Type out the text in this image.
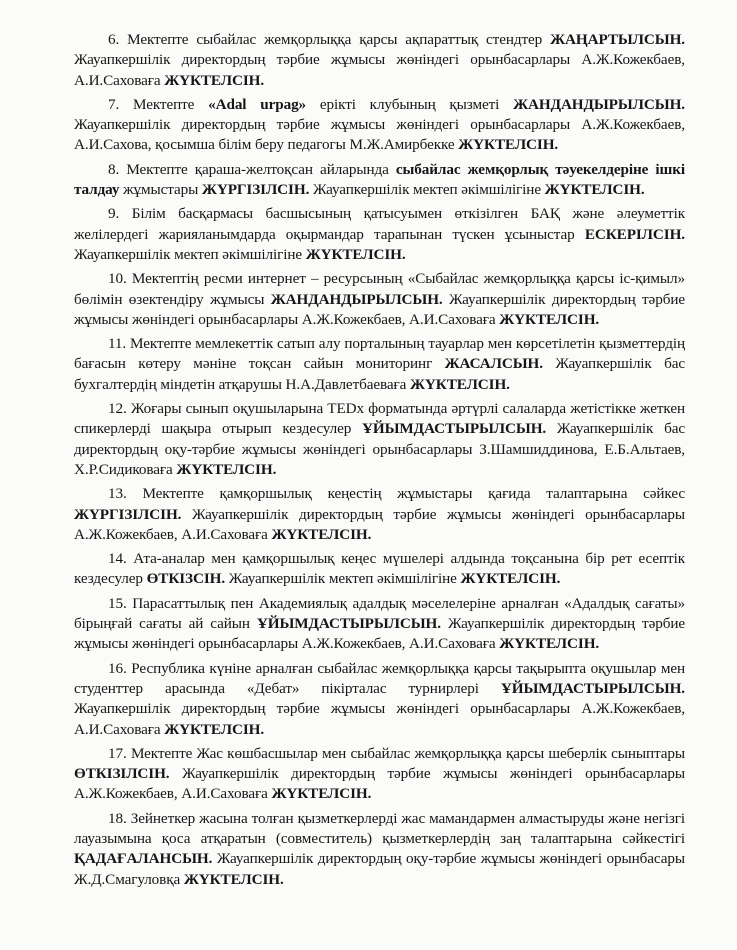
6. Мектепте сыбайлас жемқорлыққа қарсы ақпараттық стендтер ЖАҢАРТЫЛСЫН. Жауапкершілік директордың тәрбие жұмысы жөніндегі орынбасарлары А.Ж.Кожекбаев, А.И.Саховаға ЖҮКТЕЛСІН.

7. Мектепте «Adal urpag» ерікті клубының қызметі ЖАНДАНДЫРЫЛСЫН. Жауапкершілік директордың тәрбие жұмысы жөніндегі орынбасарлары А.Ж.Кожекбаев, А.И.Сахова, қосымша білім беру педагогы М.Ж.Амирбекке ЖҮКТЕЛСІН.

8. Мектепте қараша-желтоқсан айларында сыбайлас жемқорлық тәуекелдеріне ішкі талдау жұмыстары ЖҮРГІЗІЛСІН. Жауапкершілік мектеп әкімшілігіне ЖҮКТЕЛСІН.

9. Білім басқармасы басшысының қатысуымен өткізілген БАҚ және әлеуметтік желілердегі жарияланымдарда оқырмандар тарапынан түскен ұсыныстар ЕСКЕРІЛСІН. Жауапкершілік мектеп әкімшілігіне ЖҮКТЕЛСІН.

10. Мектептің ресми интернет – ресурсының «Сыбайлас жемқорлыққа қарсы іс-қимыл» бөлімін өзектендіру жұмысы ЖАНДАНДЫРЫЛСЫН. Жауапкершілік директордың тәрбие жұмысы жөніндегі орынбасарлары А.Ж.Кожекбаев, А.И.Саховаға ЖҮКТЕЛСІН.

11. Мектепте мемлекеттік сатып алу порталының тауарлар мен көрсетілетін қызметтердің бағасын көтеру мәніне тоқсан сайын мониторинг ЖАСАЛСЫН. Жауапкершілік бас бухгалтердің міндетін атқарушы Н.А.Давлетбаеваға ЖҮКТЕЛСІН.

12. Жоғары сынып оқушыларына TEDx форматында әртүрлі салаларда жетістікке жеткен спикерлерді шақыра отырып кездесулер ҰЙЫМДАСТЫРЫЛСЫН. Жауапкершілік бас директордың оқу-тәрбие жұмысы жөніндегі орынбасарлары З.Шамшиддинова, Е.Б.Альтаев, Х.Р.Сидиковаға ЖҮКТЕЛСІН.

13. Мектепте қамқоршылық кеңестің жұмыстары қағида талаптарына сәйкес ЖҮРГІЗІЛСІН. Жауапкершілік директордың тәрбие жұмысы жөніндегі орынбасарлары А.Ж.Кожекбаев, А.И.Саховаға ЖҮКТЕЛСІН.

14. Ата-аналар мен қамқоршылық кеңес мүшелері алдында тоқсанына бір рет есептік кездесулер ӨТКІЗСІН. Жауапкершілік мектеп әкімшілігіне ЖҮКТЕЛСІН.

15. Парасаттылық пен Академиялық адалдық мәселелеріне арналған «Адалдық сағаты» бірыңғай сағаты ай сайын ҰЙЫМДАСТЫРЫЛСЫН. Жауапкершілік директордың тәрбие жұмысы жөніндегі орынбасарлары А.Ж.Кожекбаев, А.И.Саховаға ЖҮКТЕЛСІН.

16. Республика күніне арналған сыбайлас жемқорлыққа қарсы тақырыпта оқушылар мен студенттер арасында «Дебат» пікірталас турнирлері ҰЙЫМДАСТЫРЫЛСЫН. Жауапкершілік директордың тәрбие жұмысы жөніндегі орынбасарлары А.Ж.Кожекбаев, А.И.Саховаға ЖҮКТЕЛСІН.

17. Мектепте Жас көшбасшылар мен сыбайлас жемқорлыққа қарсы шеберлік сыныптары ӨТКІЗІЛСІН. Жауапкершілік директордың тәрбие жұмысы жөніндегі орынбасарлары А.Ж.Кожекбаев, А.И.Саховаға ЖҮКТЕЛСІН.

18. Зейнеткер жасына толған қызметкерлерді жас мамандармен алмастыруды және негізгі лауазымына қоса атқаратын (совместитель) қызметкерлердің заң талаптарына сәйкестігі ҚАДАҒАЛАНСЫН. Жауапкершілік директордың оқу-тәрбие жұмысы жөніндегі орынбасары Ж.Д.Смагуловқа ЖҮКТЕЛСІН.
